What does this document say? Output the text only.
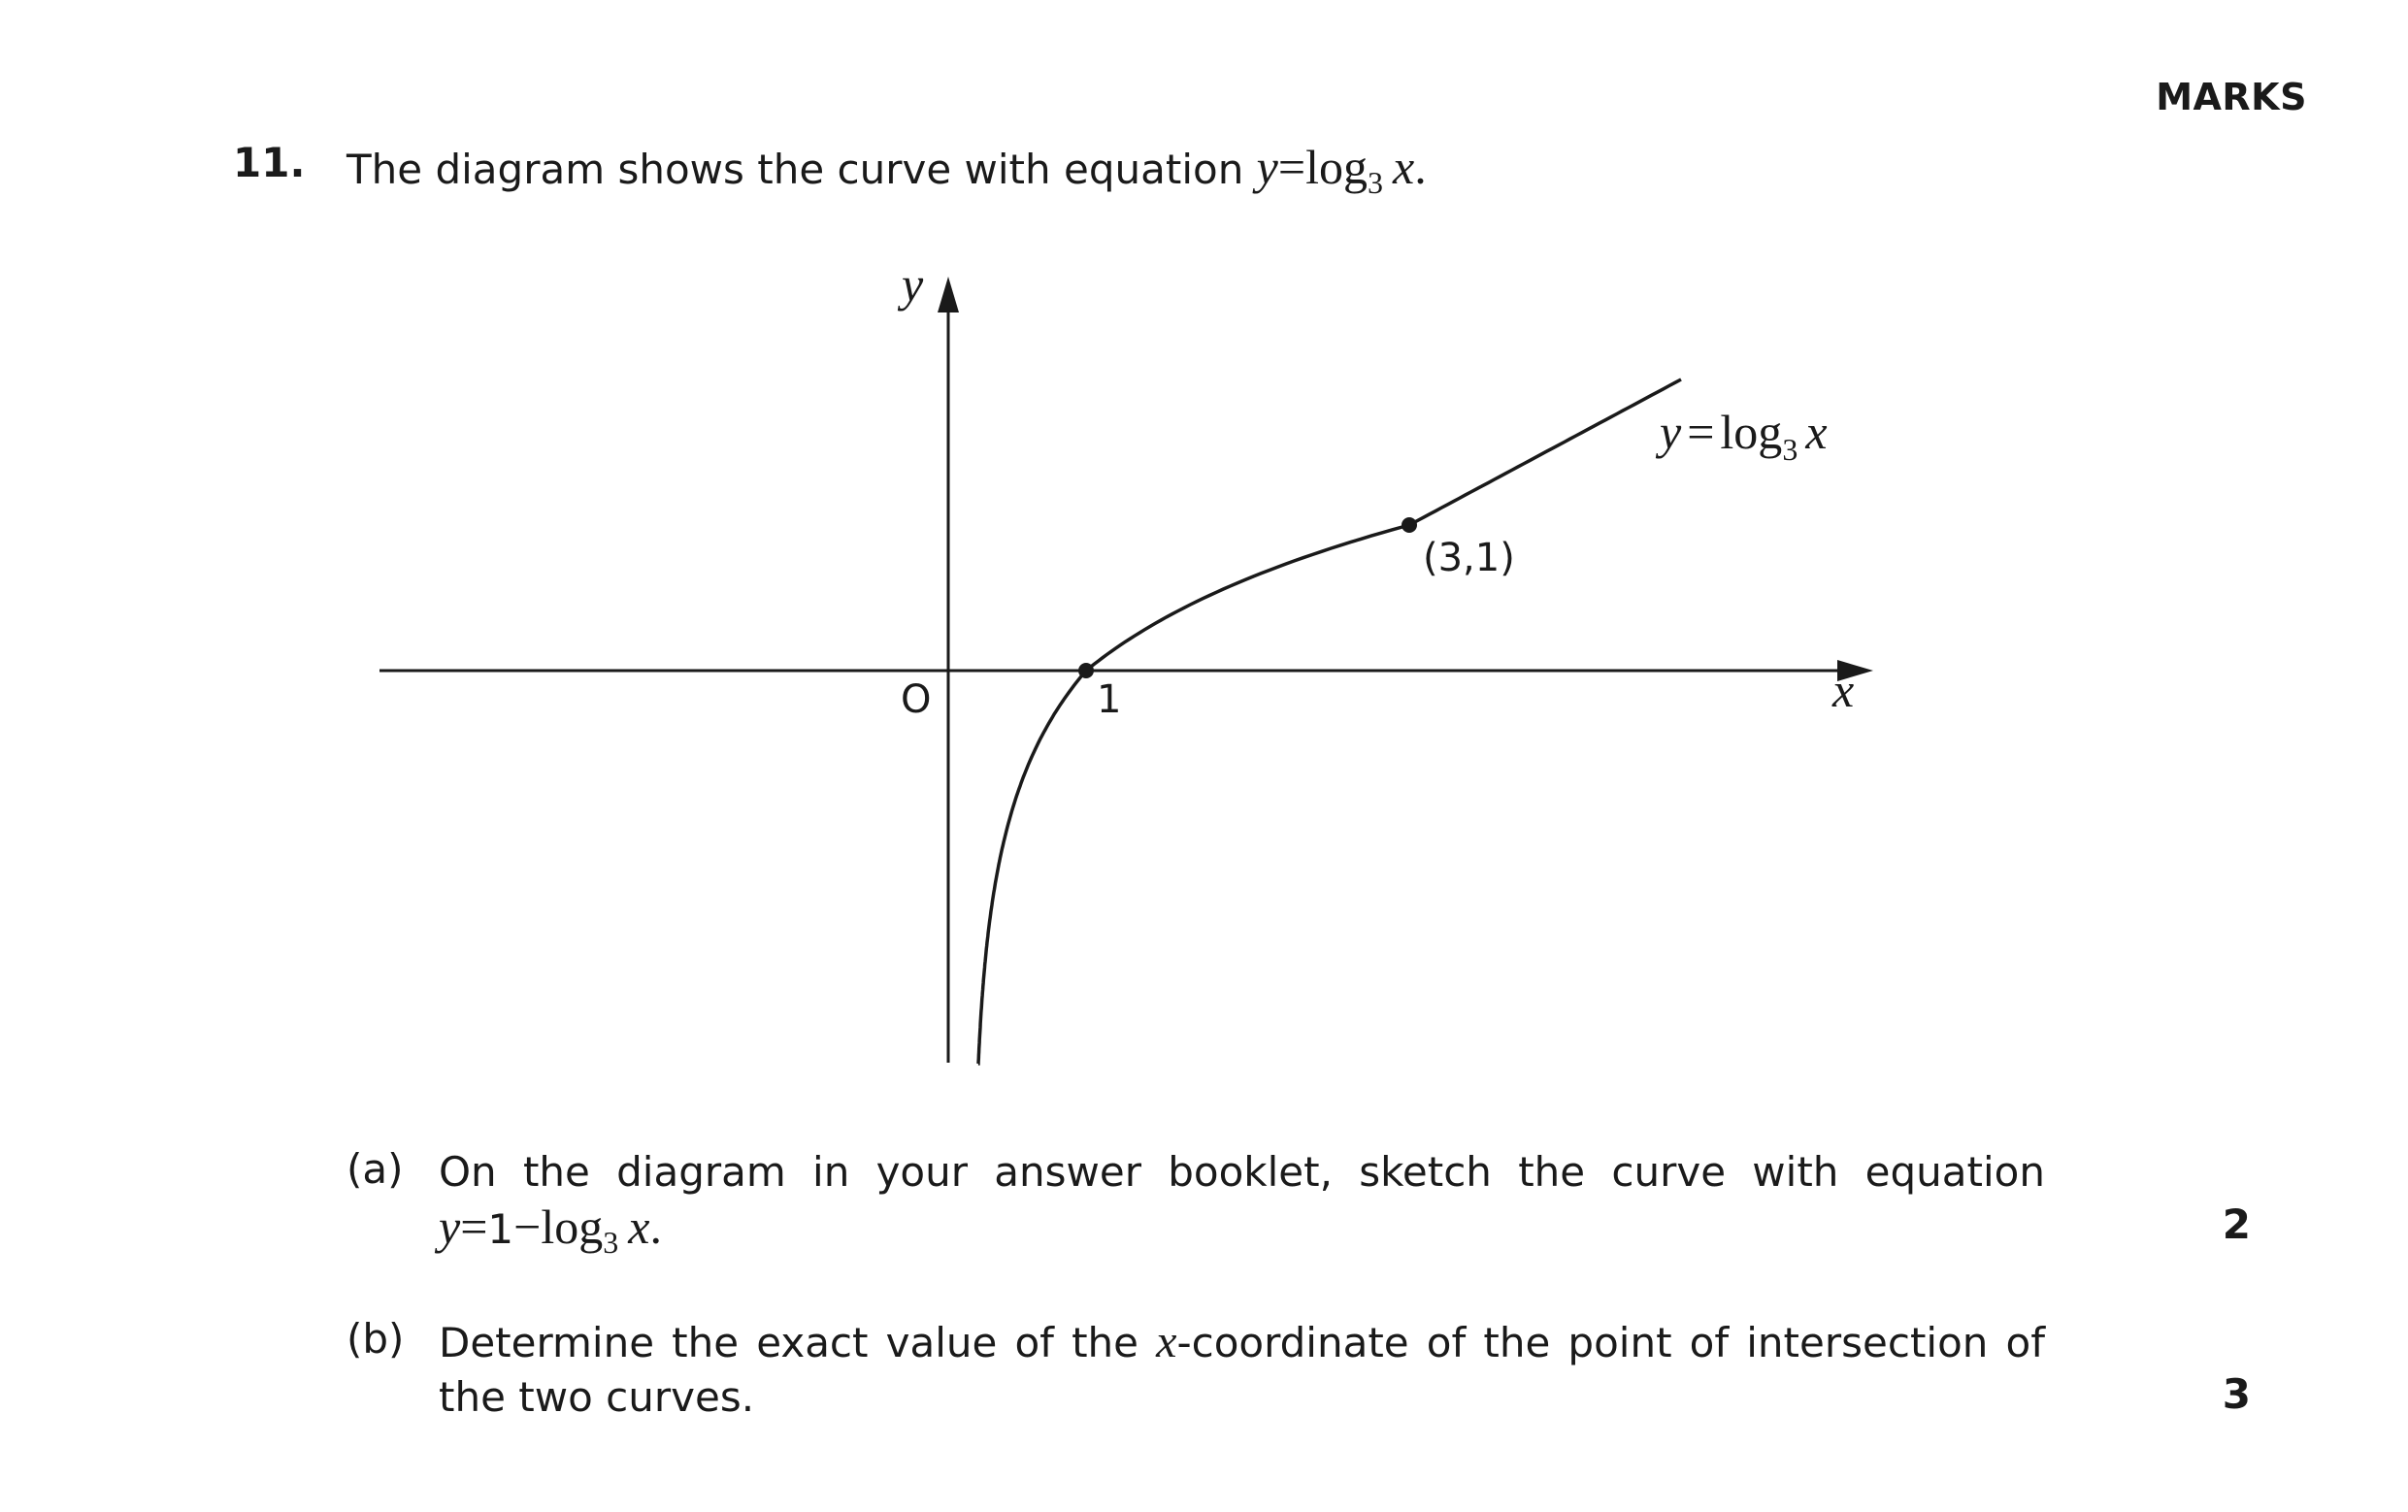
MARKS
11. The diagram shows the curve with equation $y=\log_3$  x.
y
x
O	1
(3,1)
$y = \log_3 x$
(a) On the diagram in your answer booklet, sketch the curve with equation
$y=1-\log_3$  x.	2
(b) Determine the exact value of the x-coordinate of the point of intersection of the two curves.	3
